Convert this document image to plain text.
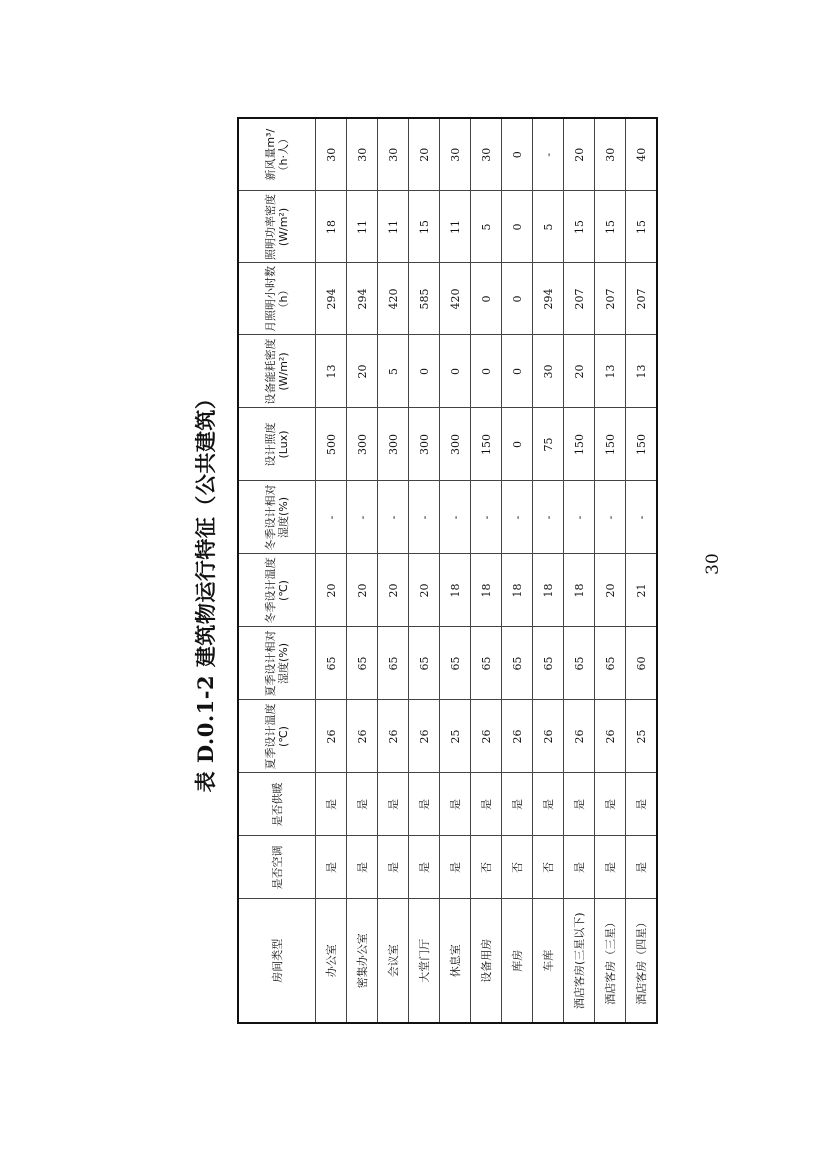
表 D.0.1-2 建筑物运行特征（公共建筑）
房间类型	是否空调	是否供暖	夏季设计温度(℃)	夏季设计相对湿度(%)	冬季设计温度(℃)	冬季设计相对湿度(%)	设计照度(Lux)	设备能耗密度(W/m²)	月照明小时数（h）	照明功率密度(W/m²)	新风量m³/（h·人）
办公室	是	是	26	65	20	-	500	13	294	18	30
密集办公室	是	是	26	65	20	-	300	20	294	11	30
会议室	是	是	26	65	20	-	300	5	420	11	30
大堂门厅	是	是	26	65	20	-	300	0	585	15	20
休息室	是	是	25	65	18	-	300	0	420	11	30
设备用房	否	是	26	65	18	-	150	0	0	5	30
库房	否	是	26	65	18	-	0	0	0	0	0
车库	否	是	26	65	18	-	75	30	294	5	-
酒店客房(三星以下)	是	是	26	65	18	-	150	20	207	15	20
酒店客房（三星）	是	是	26	65	20	-	150	13	207	15	30
酒店客房（四星）	是	是	25	60	21	-	150	13	207	15	40
30
